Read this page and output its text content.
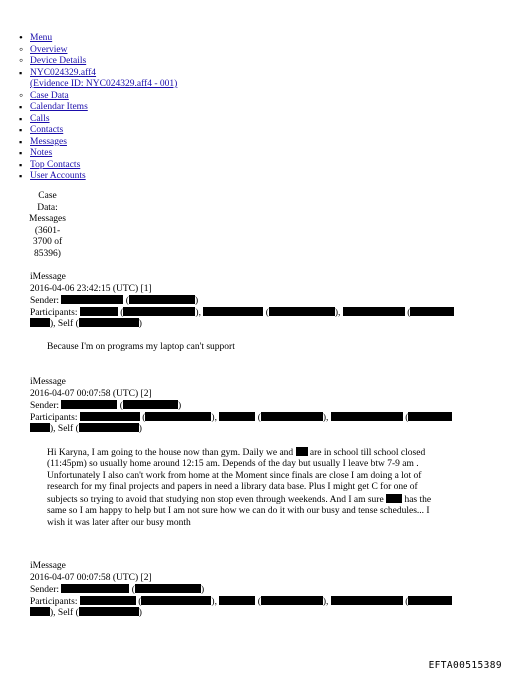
• Menu
◦ Overview
◦ Device Details
▪ NYC024329.aff4
(Evidence ID: NYC024329.aff4 - 001)
◦ Case Data
▪ Calendar Items
▪ Calls
▪ Contacts
▪ Messages
▪ Notes
▪ Top Contacts
▪ User Accounts
Case
Data:
Messages
(3601-
3700 of
85396)
iMessage
2016-04-06 23:42:15 (UTC) [1]
Sender:	(	)
Participants:	(	),	(	),	(
), Self (	)
Because I'm on programs my laptop can't support
iMessage
2016-04-07 00:07:58 (UTC) [2]
Sender:	(	)
Participants:	(	),	(	),	(
), Self (	)
Hi Karyna, I am going to the house now than gym. Daily we and  are in school till school closed (11:45pm) so usually home around 12:15 am. Depends of the day but usually I leave btw 7-9 am . Unfortunately I also can't work from home at the Moment since finals are close I am doing a lot of research for my final projects and papers in need a library data base. Plus I might get C for one of subjects so trying to avoid that studying non stop even through weekends. And I am sure  has the same so I am happy to help but I am not sure how we can do it with our busy and tense schedules... I wish it was later after our busy month
iMessage
2016-04-07 00:07:58 (UTC) [2]
Sender:	(	)
Participants:	(	),	(	),	(
), Self (	)
EFTA00515389
